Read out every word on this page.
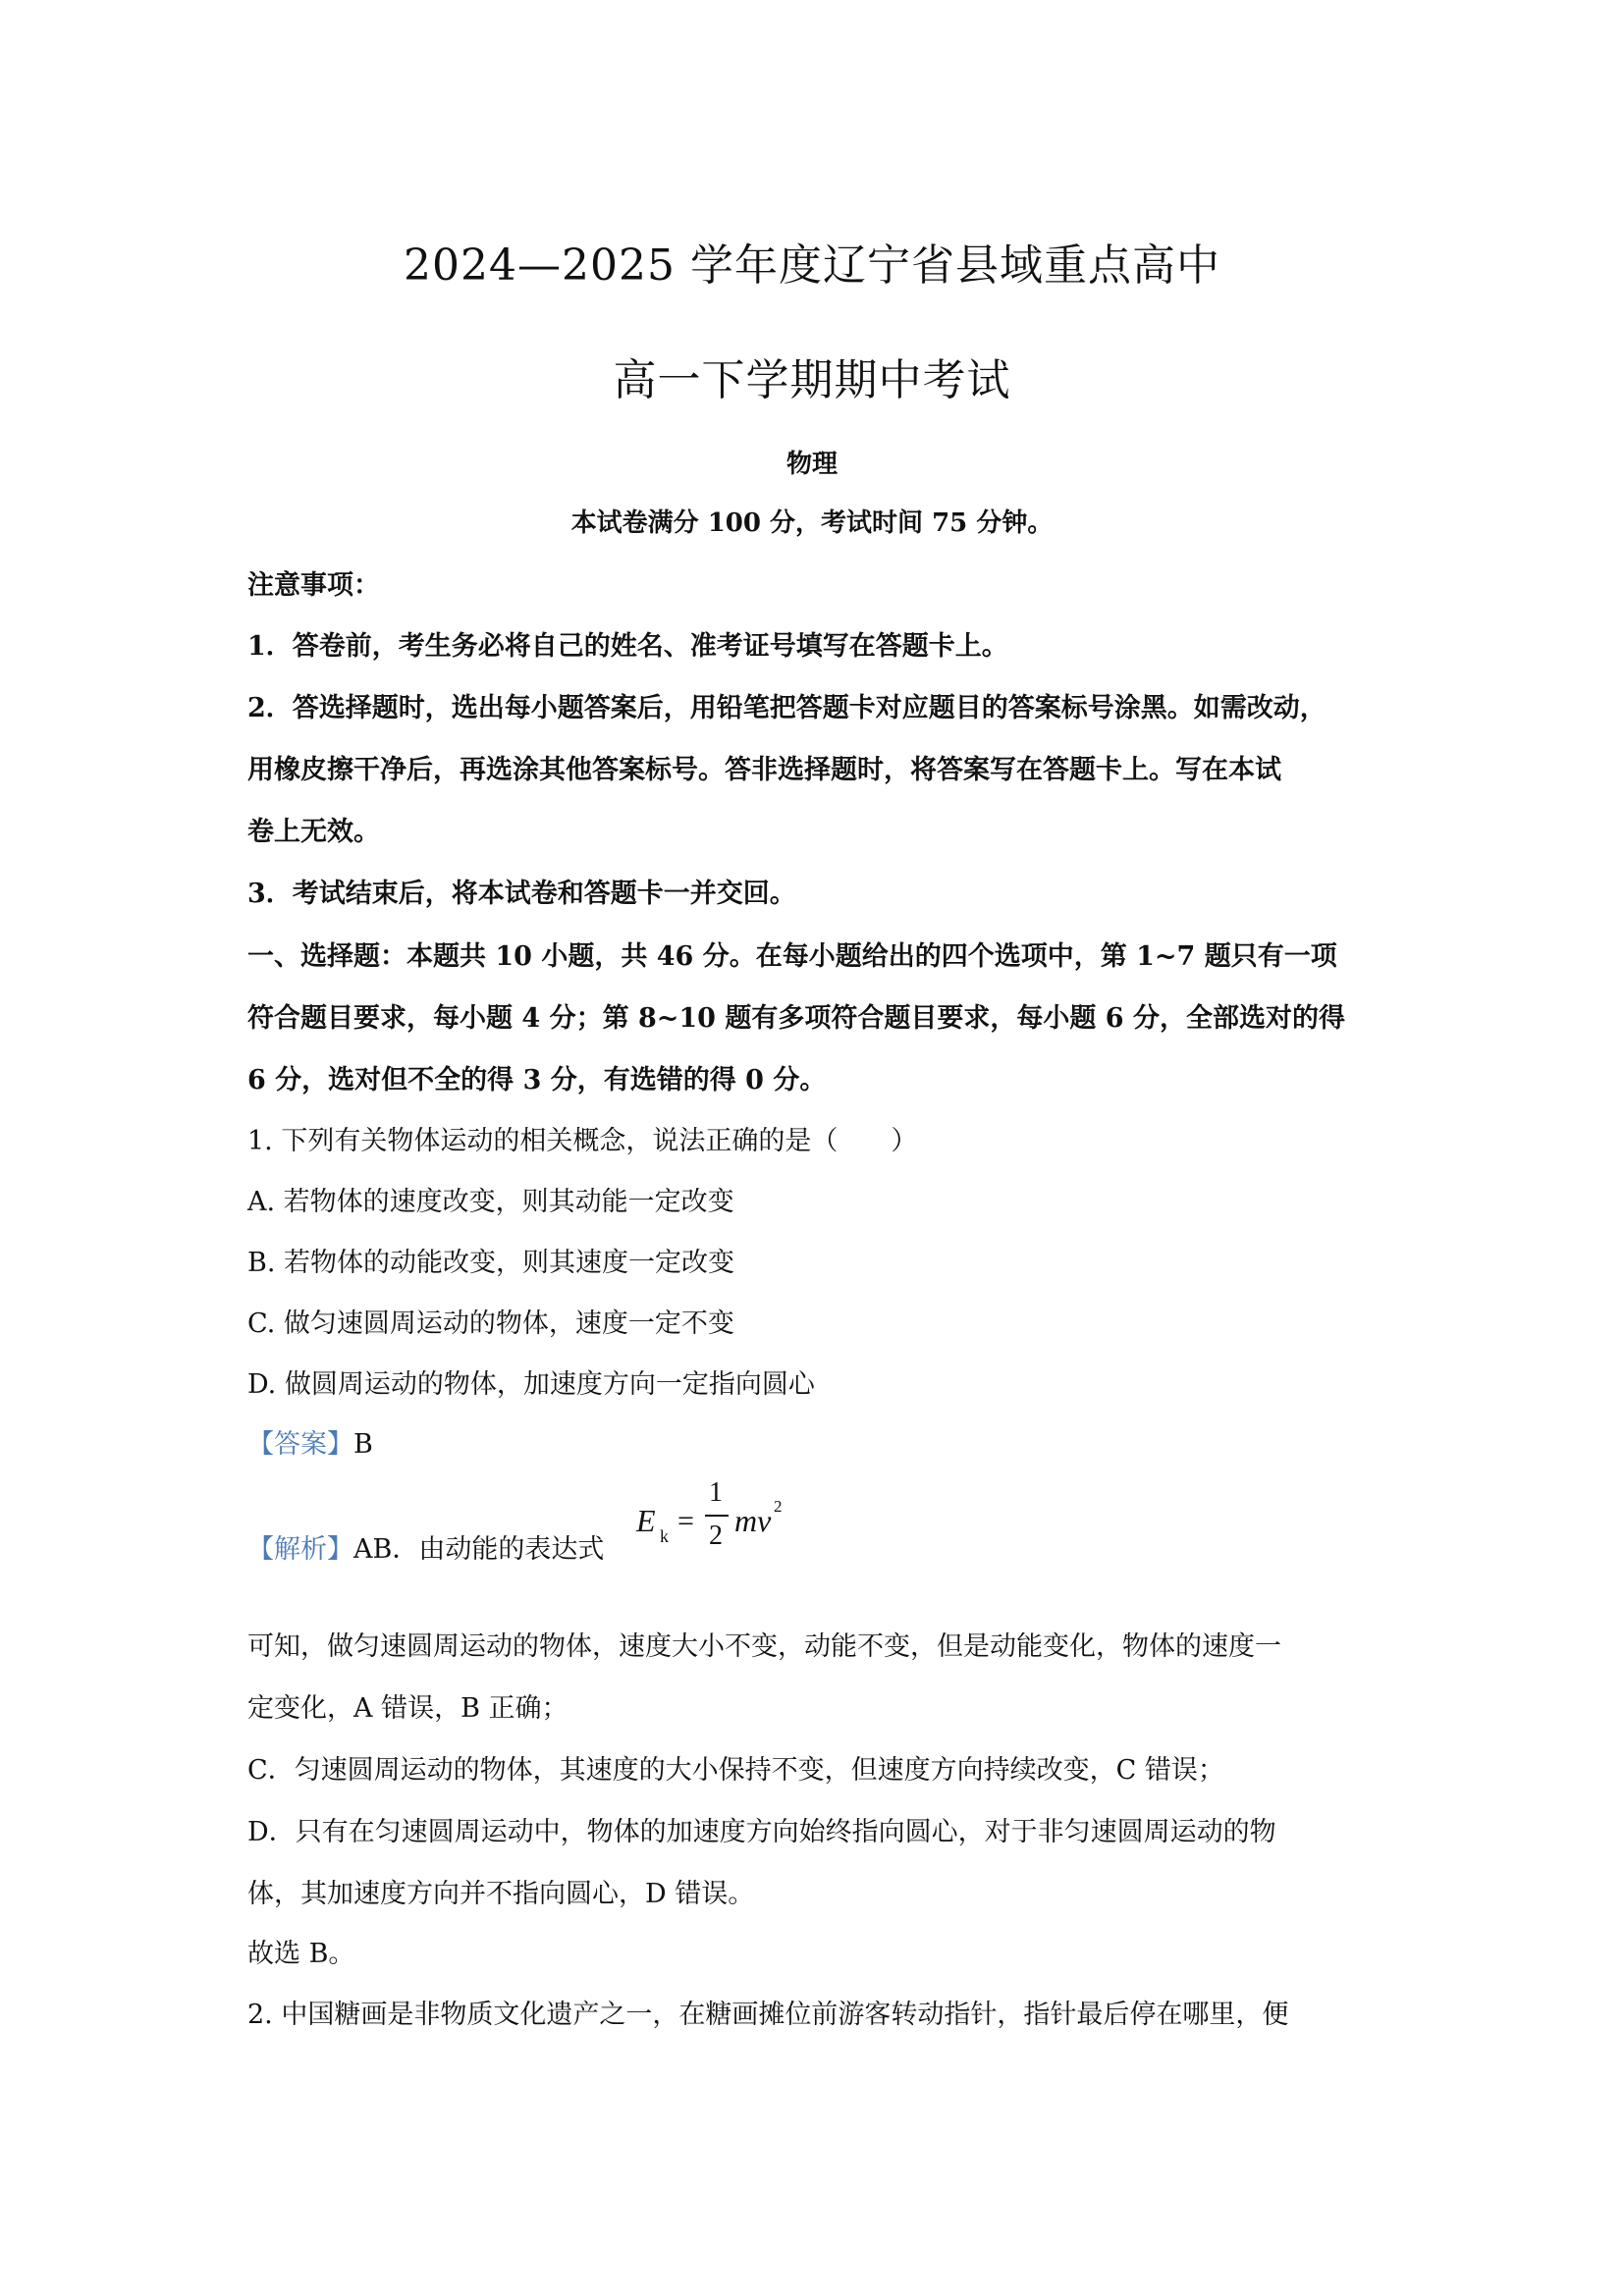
2024—2025 学年度辽宁省县域重点高中
高一下学期期中考试
物理
本试卷满分 100 分，考试时间 75 分钟。
注意事项：
1．答卷前，考生务必将自己的姓名、准考证号填写在答题卡上。
2．答选择题时，选出每小题答案后，用铅笔把答题卡对应题目的答案标号涂黑。如需改动，
用橡皮擦干净后，再选涂其他答案标号。答非选择题时，将答案写在答题卡上。写在本试
卷上无效。
3．考试结束后，将本试卷和答题卡一并交回。
一、选择题：本题共 10 小题，共 46 分。在每小题给出的四个选项中，第 1~7 题只有一项
符合题目要求，每小题 4 分；第 8~10 题有多项符合题目要求，每小题 6 分，全部选对的得
6 分，选对但不全的得 3 分，有选错的得 0 分。
1. 下列有关物体运动的相关概念，说法正确的是（　　）
A. 若物体的速度改变，则其动能一定改变
B. 若物体的动能改变，则其速度一定改变
C. 做匀速圆周运动的物体，速度一定不变
D. 做圆周运动的物体，加速度方向一定指向圆心
【答案】B
【解析】AB．由动能的表达式
E k =
1
2 mv 2
可知，做匀速圆周运动的物体，速度大小不变，动能不变，但是动能变化，物体的速度一
定变化，A 错误，B 正确；
C．匀速圆周运动的物体，其速度的大小保持不变，但速度方向持续改变，C 错误；
D．只有在匀速圆周运动中，物体的加速度方向始终指向圆心，对于非匀速圆周运动的物
体，其加速度方向并不指向圆心，D 错误。
故选 B。
2. 中国糖画是非物质文化遗产之一，在糖画摊位前游客转动指针，指针最后停在哪里，便
